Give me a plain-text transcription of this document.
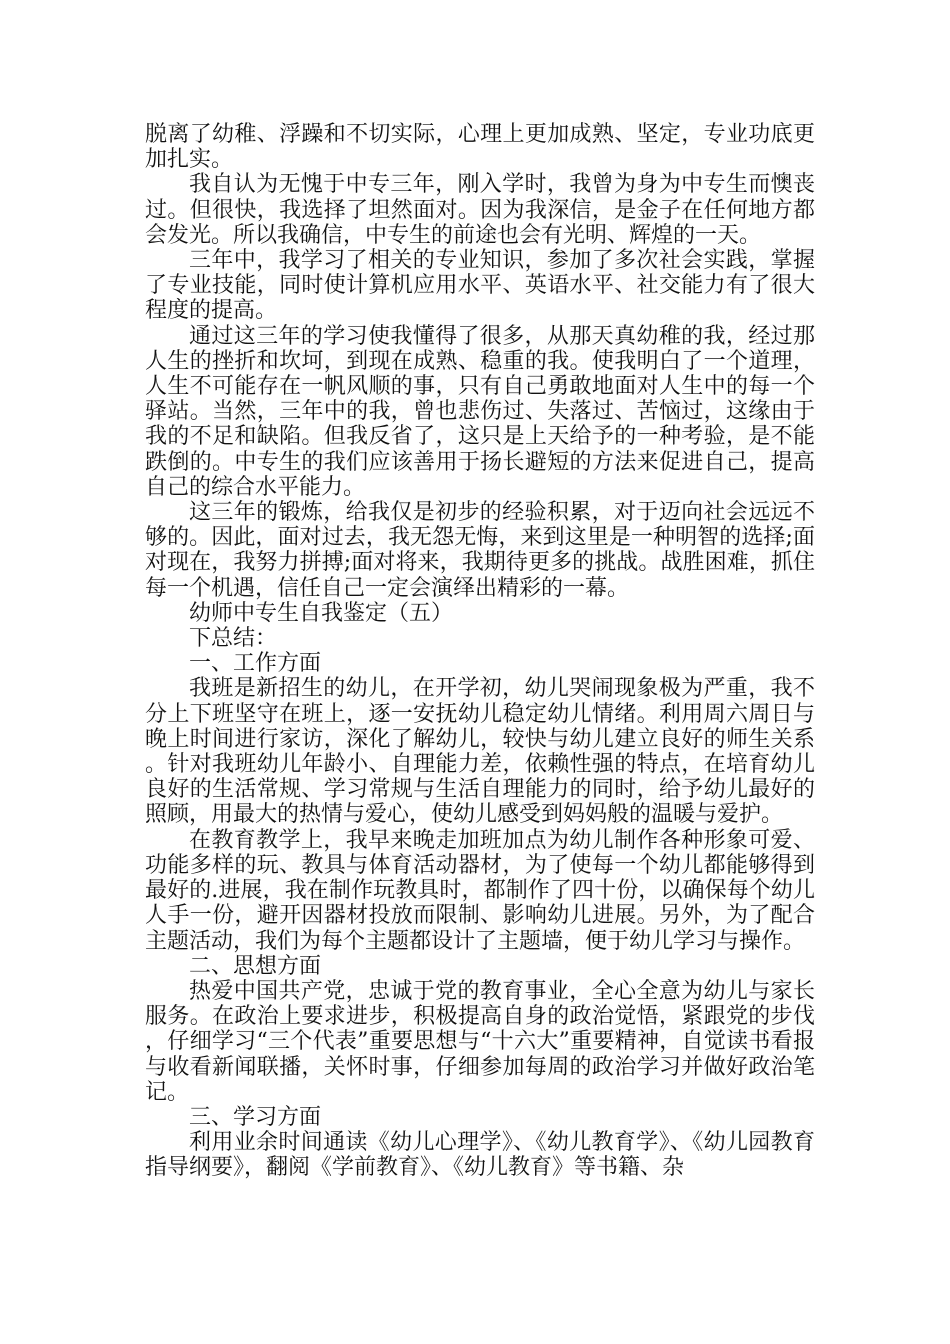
脱离了幼稚、浮躁和不切实际，心理上更加成熟、坚定，专业功底更加扎实。

我自认为无愧于中专三年，刚入学时，我曾为身为中专生而懊丧过。但很快，我选择了坦然面对。因为我深信，是金子在任何地方都会发光。所以我确信，中专生的前途也会有光明、辉煌的一天。

三年中，我学习了相关的专业知识，参加了多次社会实践，掌握了专业技能，同时使计算机应用水平、英语水平、社交能力有了很大程度的提高。

通过这三年的学习使我懂得了很多，从那天真幼稚的我，经过那人生的挫折和坎坷，到现在成熟、稳重的我。使我明白了一个道理，人生不可能存在一帆风顺的事，只有自己勇敢地面对人生中的每一个驿站。当然，三年中的我，曾也悲伤过、失落过、苦恼过，这缘由于我的不足和缺陷。但我反省了，这只是上天给予的一种考验，是不能跌倒的。中专生的我们应该善用于扬长避短的方法来促进自己，提高自己的综合水平能力。

这三年的锻炼，给我仅是初步的经验积累，对于迈向社会远远不够的。因此，面对过去，我无怨无悔，来到这里是一种明智的选择;面对现在，我努力拼搏;面对将来，我期待更多的挑战。战胜困难，抓住每一个机遇，信任自己一定会演绎出精彩的一幕。

幼师中专生自我鉴定（五）

下总结：

一、工作方面

我班是新招生的幼儿，在开学初，幼儿哭闹现象极为严重，我不分上下班坚守在班上，逐一安抚幼儿稳定幼儿情绪。利用周六周日与晚上时间进行家访，深化了解幼儿，较快与幼儿建立良好的师生关系。针对我班幼儿年龄小、自理能力差，依赖性强的特点，在培育幼儿良好的生活常规、学习常规与生活自理能力的同时，给予幼儿最好的照顾，用最大的热情与爱心，使幼儿感受到妈妈般的温暖与爱护。

在教育教学上，我早来晚走加班加点为幼儿制作各种形象可爱、功能多样的玩、教具与体育活动器材，为了使每一个幼儿都能够得到最好的.进展，我在制作玩教具时，都制作了四十份，以确保每个幼儿人手一份，避开因器材投放而限制、影响幼儿进展。另外，为了配合主题活动，我们为每个主题都设计了主题墙，便于幼儿学习与操作。

二、思想方面

热爱中国共产党，忠诚于党的教育事业，全心全意为幼儿与家长服务。在政治上要求进步，积极提高自身的政治觉悟，紧跟党的步伐，仔细学习“三个代表”重要思想与“十六大”重要精神，自觉读书看报与收看新闻联播，关怀时事，仔细参加每周的政治学习并做好政治笔记。

三、学习方面

利用业余时间通读《幼儿心理学》、《幼儿教育学》、《幼儿园教育指导纲要》，翻阅《学前教育》、《幼儿教育》等书籍、杂
